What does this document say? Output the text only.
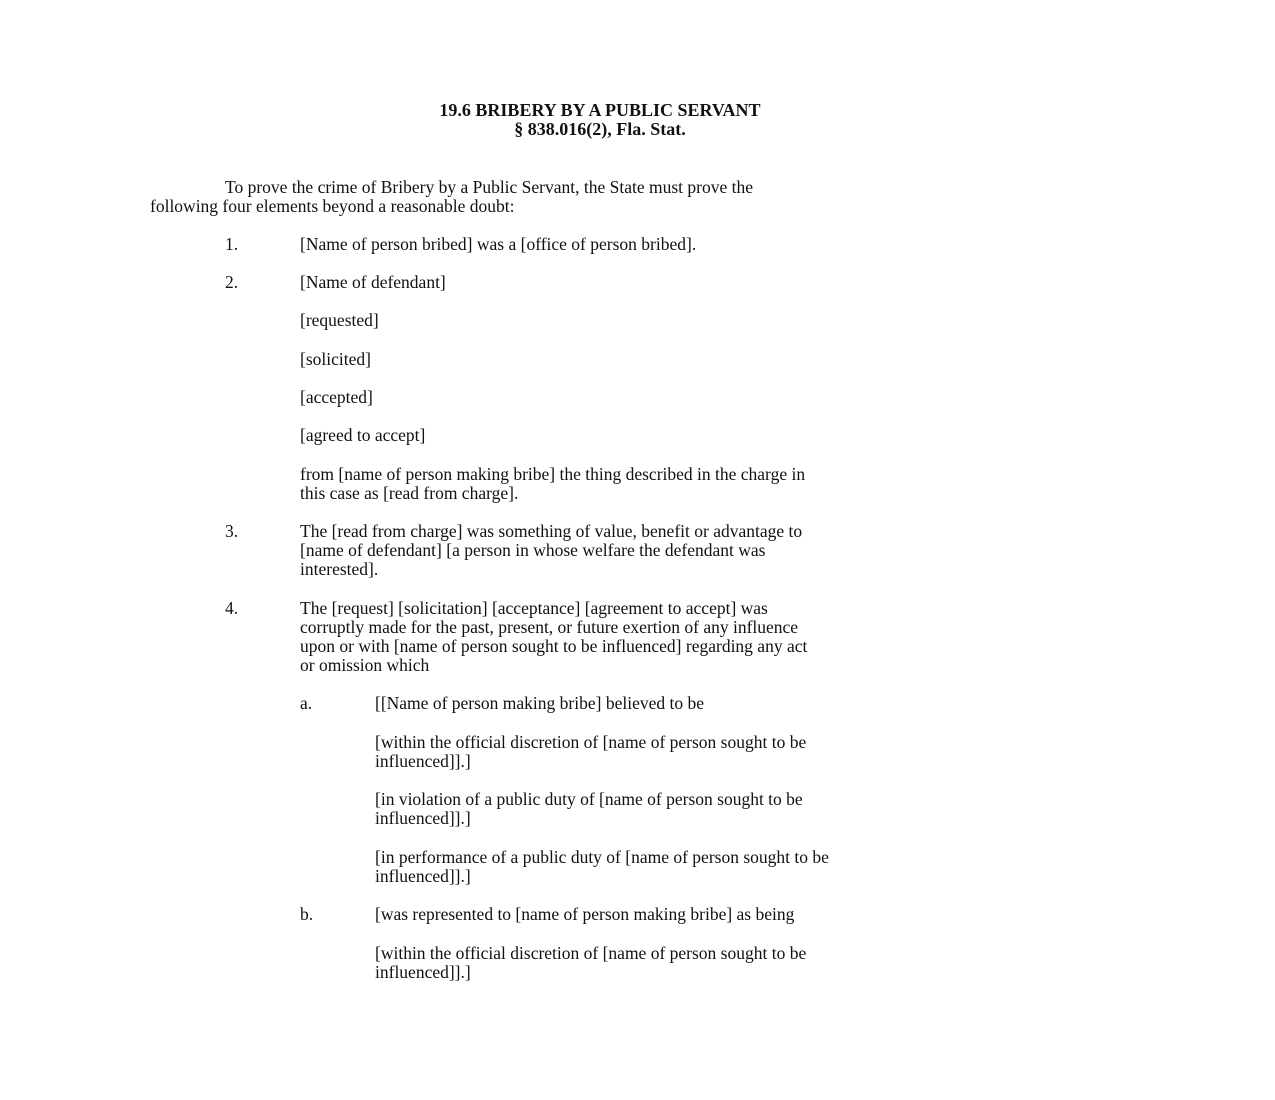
19.6 BRIBERY BY A PUBLIC SERVANT
§ 838.016(2), Fla. Stat.
To prove the crime of Bribery by a Public Servant, the State must prove the
following four elements beyond a reasonable doubt:
1.	[Name of person bribed] was a [office of person bribed].
2.	[Name of defendant]
[requested]
[solicited]
[accepted]
[agreed to accept]
from [name of person making bribe] the thing described in the charge in
this case as [read from charge].
3.	The [read from charge] was something of value, benefit or advantage to
[name of defendant] [a person in whose welfare the defendant was
interested].
4.	The [request] [solicitation] [acceptance] [agreement to accept] was
corruptly made for the past, present, or future exertion of any influence
upon or with [name of person sought to be influenced] regarding any act
or omission which
a.	[[Name of person making bribe] believed to be
[within the official discretion of [name of person sought to be
influenced]].]
[in violation of a public duty of [name of person sought to be
influenced]].]
[in performance of a public duty of [name of person sought to be
influenced]].]
b.	[was represented to [name of person making bribe] as being
[within the official discretion of [name of person sought to be
influenced]].]
